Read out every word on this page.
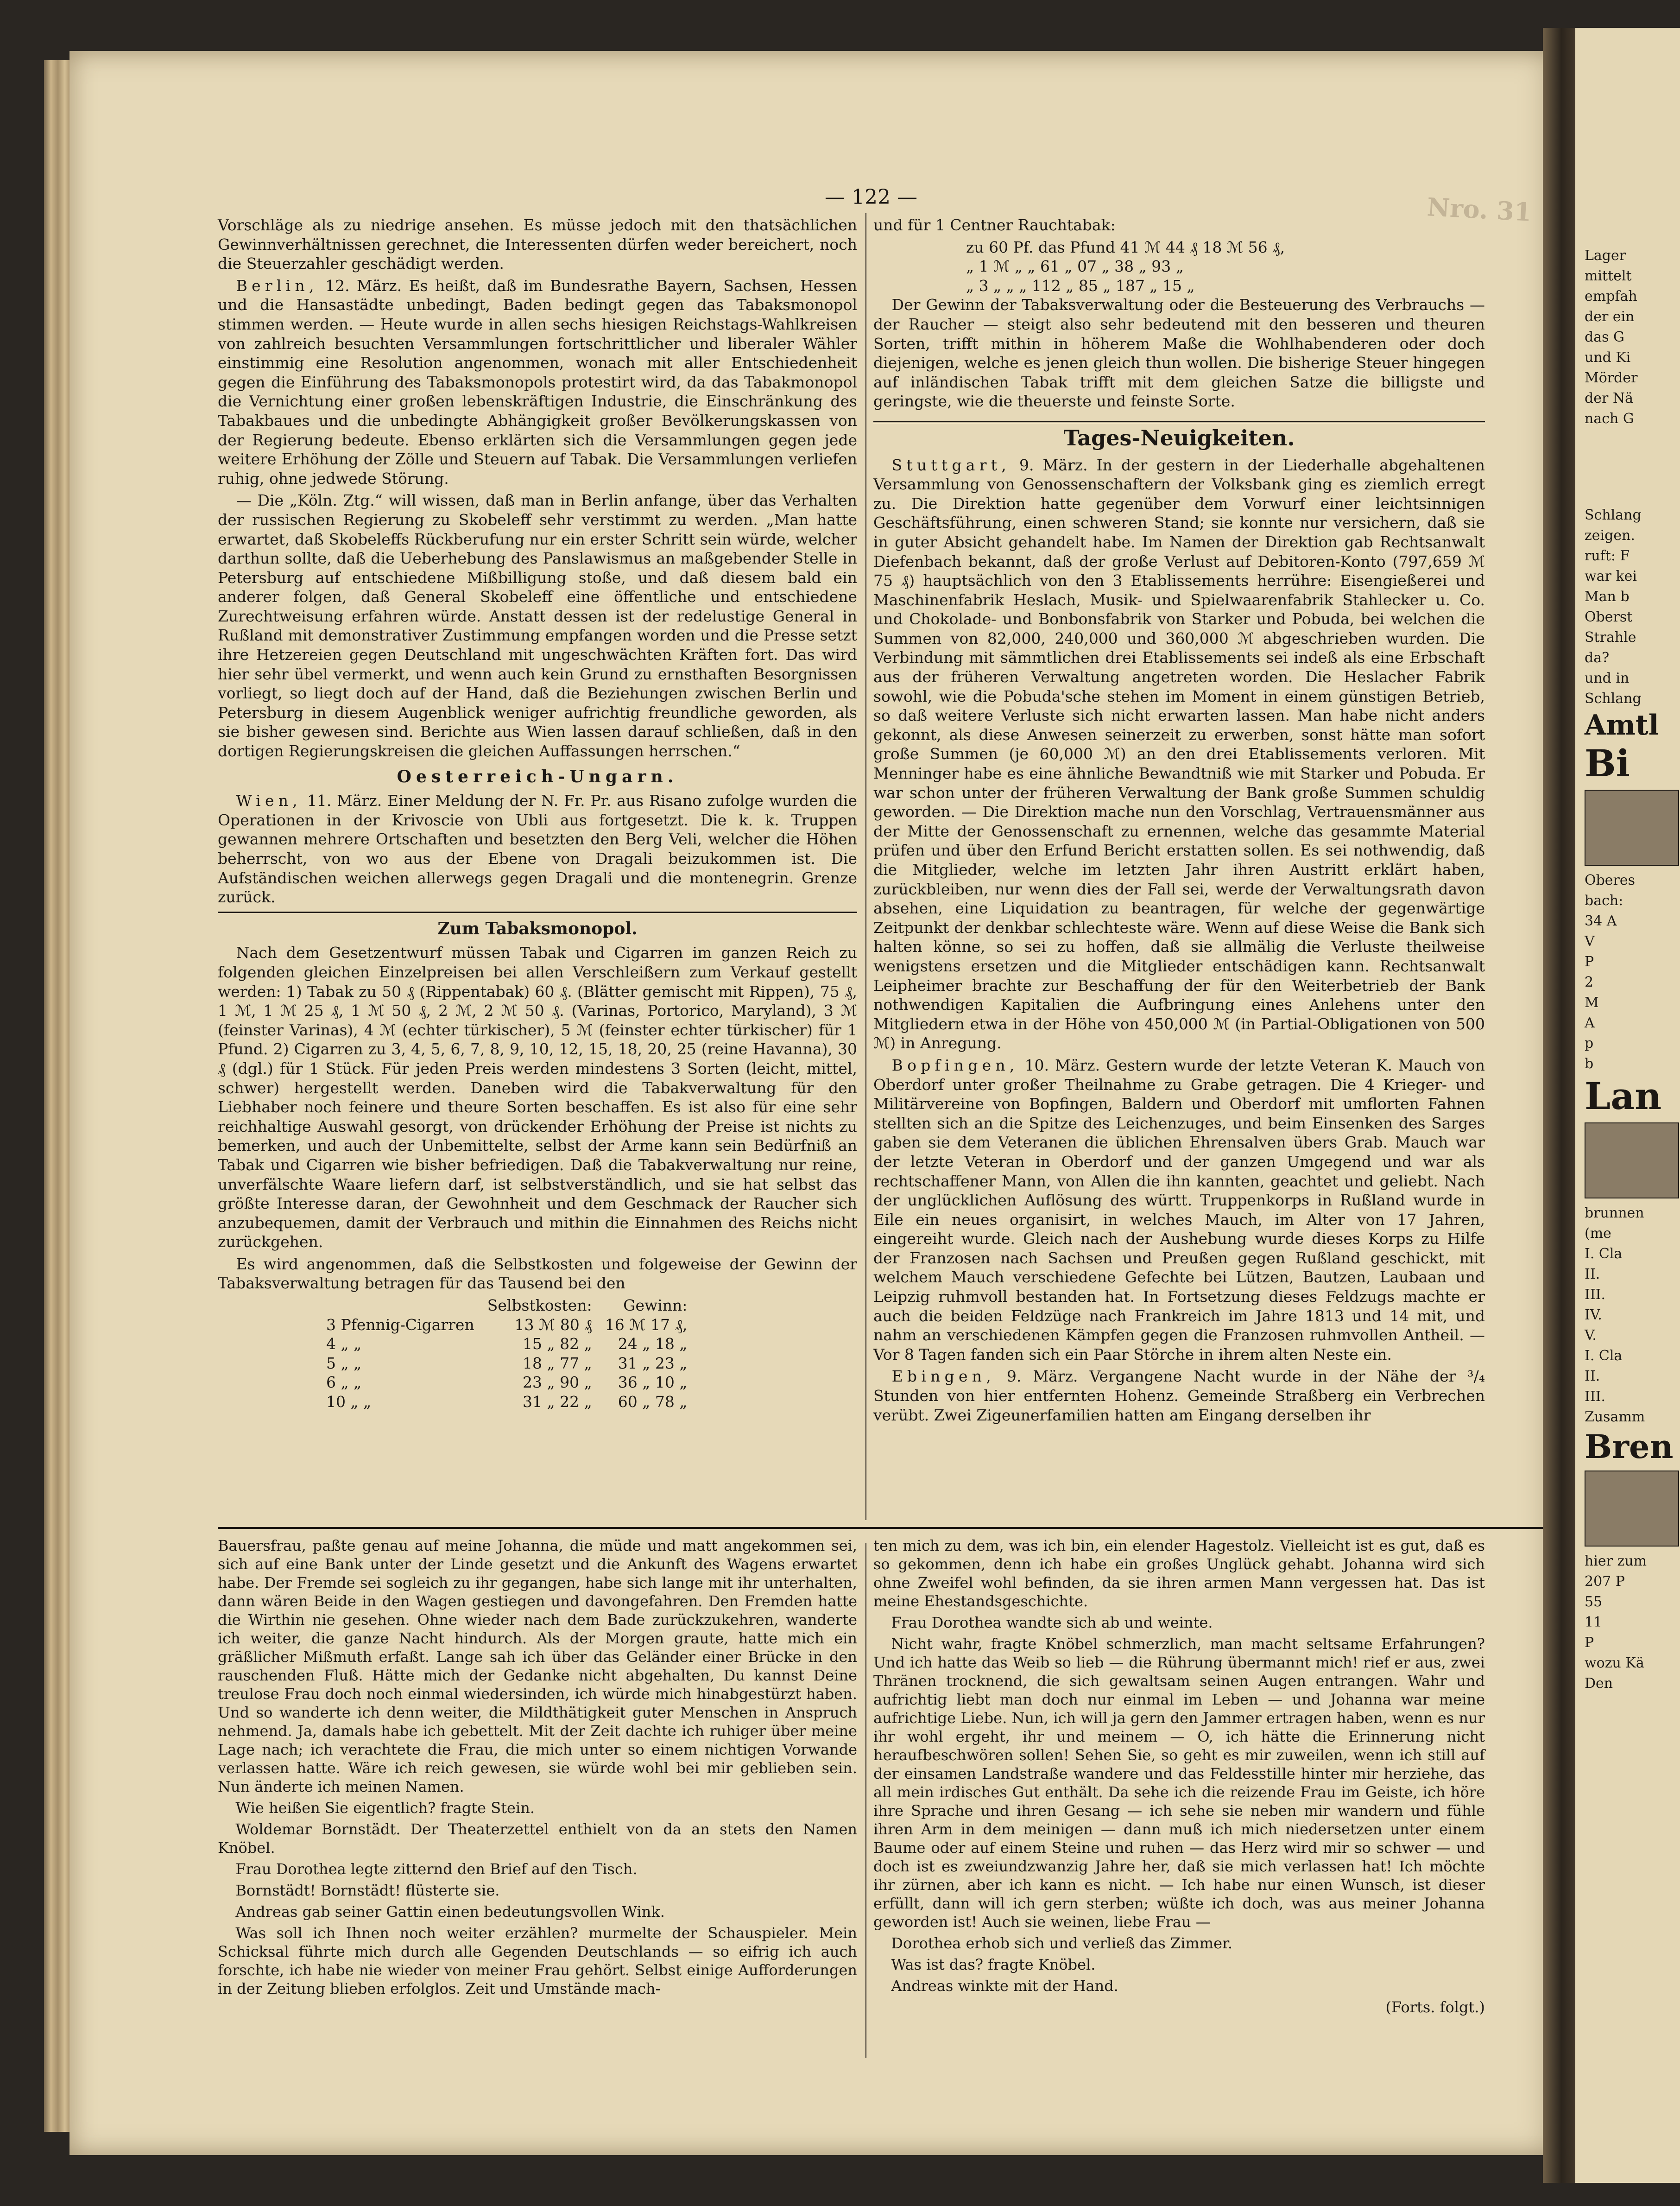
Nro. 31
— 122 —

Vorschläge als zu niedrige ansehen. Es müsse jedoch mit den thatsächlichen Gewinnverhältnissen gerechnet, die Interessenten dürfen weder bereichert, noch die Steuerzahler geschädigt werden.

Berlin, 12. März. Es heißt, daß im Bundesrathe Bayern, Sachsen, Hessen und die Hansastädte unbedingt, Baden bedingt gegen das Tabaksmonopol stimmen werden. — Heute wurde in allen sechs hiesigen Reichstags-Wahlkreisen von zahlreich besuchten Versammlungen fortschrittlicher und liberaler Wähler einstimmig eine Resolution angenommen, wonach mit aller Entschiedenheit gegen die Einführung des Tabaksmonopols protestirt wird, da das Tabakmonopol die Vernichtung einer großen lebenskräftigen Industrie, die Einschränkung des Tabakbaues und die unbedingte Abhängigkeit großer Bevölkerungskassen von der Regierung bedeute. Ebenso erklärten sich die Versammlungen gegen jede weitere Erhöhung der Zölle und Steuern auf Tabak. Die Versammlungen verliefen ruhig, ohne jedwede Störung.

— Die „Köln. Ztg.“ will wissen, daß man in Berlin anfange, über das Verhalten der russischen Regierung zu Skobeleff sehr verstimmt zu werden. „Man hatte erwartet, daß Skobeleffs Rückberufung nur ein erster Schritt sein würde, welcher darthun sollte, daß die Ueberhebung des Panslawismus an maßgebender Stelle in Petersburg auf entschiedene Mißbilligung stoße, und daß diesem bald ein anderer folgen, daß General Skobeleff eine öffentliche und entschiedene Zurechtweisung erfahren würde. Anstatt dessen ist der redelustige General in Rußland mit demonstrativer Zustimmung empfangen worden und die Presse setzt ihre Hetzereien gegen Deutschland mit ungeschwächten Kräften fort. Das wird hier sehr übel vermerkt, und wenn auch kein Grund zu ernsthaften Besorgnissen vorliegt, so liegt doch auf der Hand, daß die Beziehungen zwischen Berlin und Petersburg in diesem Augenblick weniger aufrichtig freundliche geworden, als sie bisher gewesen sind. Berichte aus Wien lassen darauf schließen, daß in den dortigen Regierungskreisen die gleichen Auffassungen herrschen.“

Oesterreich-Ungarn.

Wien, 11. März. Einer Meldung der N. Fr. Pr. aus Risano zufolge wurden die Operationen in der Krivoscie von Ubli aus fortgesetzt. Die k. k. Truppen gewannen mehrere Ortschaften und besetzten den Berg Veli, welcher die Höhen beherrscht, von wo aus der Ebene von Dragali beizukommen ist. Die Aufständischen weichen allerwegs gegen Dragali und die montenegrin. Grenze zurück.

Zum Tabaksmonopol.

Nach dem Gesetzentwurf müssen Tabak und Cigarren im ganzen Reich zu folgenden gleichen Einzelpreisen bei allen Verschleißern zum Verkauf gestellt werden: 1) Tabak zu 50 ₰ (Rippentabak) 60 ₰. (Blätter gemischt mit Rippen), 75 ₰, 1 ℳ, 1 ℳ 25 ₰, 1 ℳ 50 ₰, 2 ℳ, 2 ℳ 50 ₰. (Varinas, Portorico, Maryland), 3 ℳ (feinster Varinas), 4 ℳ (echter türkischer), 5 ℳ (feinster echter türkischer) für 1 Pfund. 2) Cigarren zu 3, 4, 5, 6, 7, 8, 9, 10, 12, 15, 18, 20, 25 (reine Havanna), 30 ₰ (dgl.) für 1 Stück. Für jeden Preis werden mindestens 3 Sorten (leicht, mittel, schwer) hergestellt werden. Daneben wird die Tabakverwaltung für den Liebhaber noch feinere und theure Sorten beschaffen. Es ist also für eine sehr reichhaltige Auswahl gesorgt, von drückender Erhöhung der Preise ist nichts zu bemerken, und auch der Unbemittelte, selbst der Arme kann sein Bedürfniß an Tabak und Cigarren wie bisher befriedigen. Daß die Tabakverwaltung nur reine, unverfälschte Waare liefern darf, ist selbstverständlich, und sie hat selbst das größte Interesse daran, der Gewohnheit und dem Geschmack der Raucher sich anzubequemen, damit der Verbrauch und mithin die Einnahmen des Reichs nicht zurückgehen.

Es wird angenommen, daß die Selbstkosten und folgeweise der Gewinn der Tabaksverwaltung betragen für das Tausend bei den

	Selbstkosten:	Gewinn:
3 Pfennig-Cigarren	13 ℳ 80 ₰	16 ℳ 17 ₰,
4 „ „	15 „ 82 „	24 „ 18 „
5 „ „	18 „ 77 „	31 „ 23 „
6 „ „	23 „ 90 „	36 „ 10 „
10 „ „	31 „ 22 „	60 „ 78 „

und für 1 Centner Rauchtabak:

zu 60 Pf. das Pfund 41 ℳ 44 ₰ 18 ℳ 56 ₰,
„ 1 ℳ „ „ 61 „ 07 „ 38 „ 93 „
„ 3 „ „ „ 112 „ 85 „ 187 „ 15 „

Der Gewinn der Tabaksverwaltung oder die Besteuerung des Verbrauchs — der Raucher — steigt also sehr bedeutend mit den besseren und theuren Sorten, trifft mithin in höherem Maße die Wohlhabenderen oder doch diejenigen, welche es jenen gleich thun wollen. Die bisherige Steuer hingegen auf inländischen Tabak trifft mit dem gleichen Satze die billigste und geringste, wie die theuerste und feinste Sorte.

Tages-Neuigkeiten.

Stuttgart, 9. März. In der gestern in der Liederhalle abgehaltenen Versammlung von Genossenschaftern der Volksbank ging es ziemlich erregt zu. Die Direktion hatte gegenüber dem Vorwurf einer leichtsinnigen Geschäftsführung, einen schweren Stand; sie konnte nur versichern, daß sie in guter Absicht gehandelt habe. Im Namen der Direktion gab Rechtsanwalt Diefenbach bekannt, daß der große Verlust auf Debitoren-Konto (797,659 ℳ 75 ₰) hauptsächlich von den 3 Etablissements herrühre: Eisengießerei und Maschinenfabrik Heslach, Musik- und Spielwaarenfabrik Stahlecker u. Co. und Chokolade- und Bonbonsfabrik von Starker und Pobuda, bei welchen die Summen von 82,000, 240,000 und 360,000 ℳ abgeschrieben wurden. Die Verbindung mit sämmtlichen drei Etablissements sei indeß als eine Erbschaft aus der früheren Verwaltung angetreten worden. Die Heslacher Fabrik sowohl, wie die Pobuda'sche stehen im Moment in einem günstigen Betrieb, so daß weitere Verluste sich nicht erwarten lassen. Man habe nicht anders gekonnt, als diese Anwesen seinerzeit zu erwerben, sonst hätte man sofort große Summen (je 60,000 ℳ) an den drei Etablissements verloren. Mit Menninger habe es eine ähnliche Bewandtniß wie mit Starker und Pobuda. Er war schon unter der früheren Verwaltung der Bank große Summen schuldig geworden. — Die Direktion mache nun den Vorschlag, Vertrauensmänner aus der Mitte der Genossenschaft zu ernennen, welche das gesammte Material prüfen und über den Erfund Bericht erstatten sollen. Es sei nothwendig, daß die Mitglieder, welche im letzten Jahr ihren Austritt erklärt haben, zurückbleiben, nur wenn dies der Fall sei, werde der Verwaltungsrath davon absehen, eine Liquidation zu beantragen, für welche der gegenwärtige Zeitpunkt der denkbar schlechteste wäre. Wenn auf diese Weise die Bank sich halten könne, so sei zu hoffen, daß sie allmälig die Verluste theilweise wenigstens ersetzen und die Mitglieder entschädigen kann. Rechtsanwalt Leipheimer brachte zur Beschaffung der für den Weiterbetrieb der Bank nothwendigen Kapitalien die Aufbringung eines Anlehens unter den Mitgliedern etwa in der Höhe von 450,000 ℳ (in Partial-Obligationen von 500 ℳ) in Anregung.

Bopfingen, 10. März. Gestern wurde der letzte Veteran K. Mauch von Oberdorf unter großer Theilnahme zu Grabe getragen. Die 4 Krieger- und Militärvereine von Bopfingen, Baldern und Oberdorf mit umflorten Fahnen stellten sich an die Spitze des Leichenzuges, und beim Einsenken des Sarges gaben sie dem Veteranen die üblichen Ehrensalven übers Grab. Mauch war der letzte Veteran in Oberdorf und der ganzen Umgegend und war als rechtschaffener Mann, von Allen die ihn kannten, geachtet und geliebt. Nach der unglücklichen Auflösung des württ. Truppenkorps in Rußland wurde in Eile ein neues organisirt, in welches Mauch, im Alter von 17 Jahren, eingereiht wurde. Gleich nach der Aushebung wurde dieses Korps zu Hilfe der Franzosen nach Sachsen und Preußen gegen Rußland geschickt, mit welchem Mauch verschiedene Gefechte bei Lützen, Bautzen, Laubaan und Leipzig ruhmvoll bestanden hat. In Fortsetzung dieses Feldzugs machte er auch die beiden Feldzüge nach Frankreich im Jahre 1813 und 14 mit, und nahm an verschiedenen Kämpfen gegen die Franzosen ruhmvollen Antheil. — Vor 8 Tagen fanden sich ein Paar Störche in ihrem alten Neste ein.

Ebingen, 9. März. Vergangene Nacht wurde in der Nähe der ³/₄ Stunden von hier entfernten Hohenz. Gemeinde Straßberg ein Verbrechen verübt. Zwei Zigeunerfamilien hatten am Eingang derselben ihr

Bauersfrau, paßte genau auf meine Johanna, die müde und matt angekommen sei, sich auf eine Bank unter der Linde gesetzt und die Ankunft des Wagens erwartet habe. Der Fremde sei sogleich zu ihr gegangen, habe sich lange mit ihr unterhalten, dann wären Beide in den Wagen gestiegen und davongefahren. Den Fremden hatte die Wirthin nie gesehen. Ohne wieder nach dem Bade zurückzukehren, wanderte ich weiter, die ganze Nacht hindurch. Als der Morgen graute, hatte mich ein gräßlicher Mißmuth erfaßt. Lange sah ich über das Geländer einer Brücke in den rauschenden Fluß. Hätte mich der Gedanke nicht abgehalten, Du kannst Deine treulose Frau doch noch einmal wiedersinden, ich würde mich hinabgestürzt haben. Und so wanderte ich denn weiter, die Mildthätigkeit guter Menschen in Anspruch nehmend. Ja, damals habe ich gebettelt. Mit der Zeit dachte ich ruhiger über meine Lage nach; ich verachtete die Frau, die mich unter so einem nichtigen Vorwande verlassen hatte. Wäre ich reich gewesen, sie würde wohl bei mir geblieben sein. Nun änderte ich meinen Namen.

Wie heißen Sie eigentlich? fragte Stein.

Woldemar Bornstädt. Der Theaterzettel enthielt von da an stets den Namen Knöbel.

Frau Dorothea legte zitternd den Brief auf den Tisch.

Bornstädt! Bornstädt! flüsterte sie.

Andreas gab seiner Gattin einen bedeutungsvollen Wink.

Was soll ich Ihnen noch weiter erzählen? murmelte der Schauspieler. Mein Schicksal führte mich durch alle Gegenden Deutschlands — so eifrig ich auch forschte, ich habe nie wieder von meiner Frau gehört. Selbst einige Aufforderungen in der Zeitung blieben erfolglos. Zeit und Umstände mach-

ten mich zu dem, was ich bin, ein elender Hagestolz. Vielleicht ist es gut, daß es so gekommen, denn ich habe ein großes Unglück gehabt. Johanna wird sich ohne Zweifel wohl befinden, da sie ihren armen Mann vergessen hat. Das ist meine Ehestandsgeschichte.

Frau Dorothea wandte sich ab und weinte.

Nicht wahr, fragte Knöbel schmerzlich, man macht seltsame Erfahrungen? Und ich hatte das Weib so lieb — die Rührung übermannt mich! rief er aus, zwei Thränen trocknend, die sich gewaltsam seinen Augen entrangen. Wahr und aufrichtig liebt man doch nur einmal im Leben — und Johanna war meine aufrichtige Liebe. Nun, ich will ja gern den Jammer ertragen haben, wenn es nur ihr wohl ergeht, ihr und meinem — O, ich hätte die Erinnerung nicht heraufbeschwören sollen! Sehen Sie, so geht es mir zuweilen, wenn ich still auf der einsamen Landstraße wandere und das Feldesstille hinter mir herziehe, das all mein irdisches Gut enthält. Da sehe ich die reizende Frau im Geiste, ich höre ihre Sprache und ihren Gesang — ich sehe sie neben mir wandern und fühle ihren Arm in dem meinigen — dann muß ich mich niedersetzen unter einem Baume oder auf einem Steine und ruhen — das Herz wird mir so schwer — und doch ist es zweiundzwanzig Jahre her, daß sie mich verlassen hat! Ich möchte ihr zürnen, aber ich kann es nicht. — Ich habe nur einen Wunsch, ist dieser erfüllt, dann will ich gern sterben; wüßte ich doch, was aus meiner Johanna geworden ist! Auch sie weinen, liebe Frau —

Dorothea erhob sich und verließ das Zimmer.

Was ist das? fragte Knöbel.

Andreas winkte mit der Hand.

(Forts. folgt.)

Lager
mittelt
empfah
der ein
das G
und Ki
Mörder
der Nä
nach G
Schlang
zeigen.
ruft: F
war kei
Man b
Oberst
Strahle
da?
und in
Schlang
Amtl
Bi
Oberes
bach:
34 A
V
P
2
M
A
p
b
Lan
brunnen
(me
I. Cla
II.
III.
IV.
V.
I. Cla
II.
III.
Zusamm
Bren
hier zum
207 P
55
11
P
wozu Kä
Den
